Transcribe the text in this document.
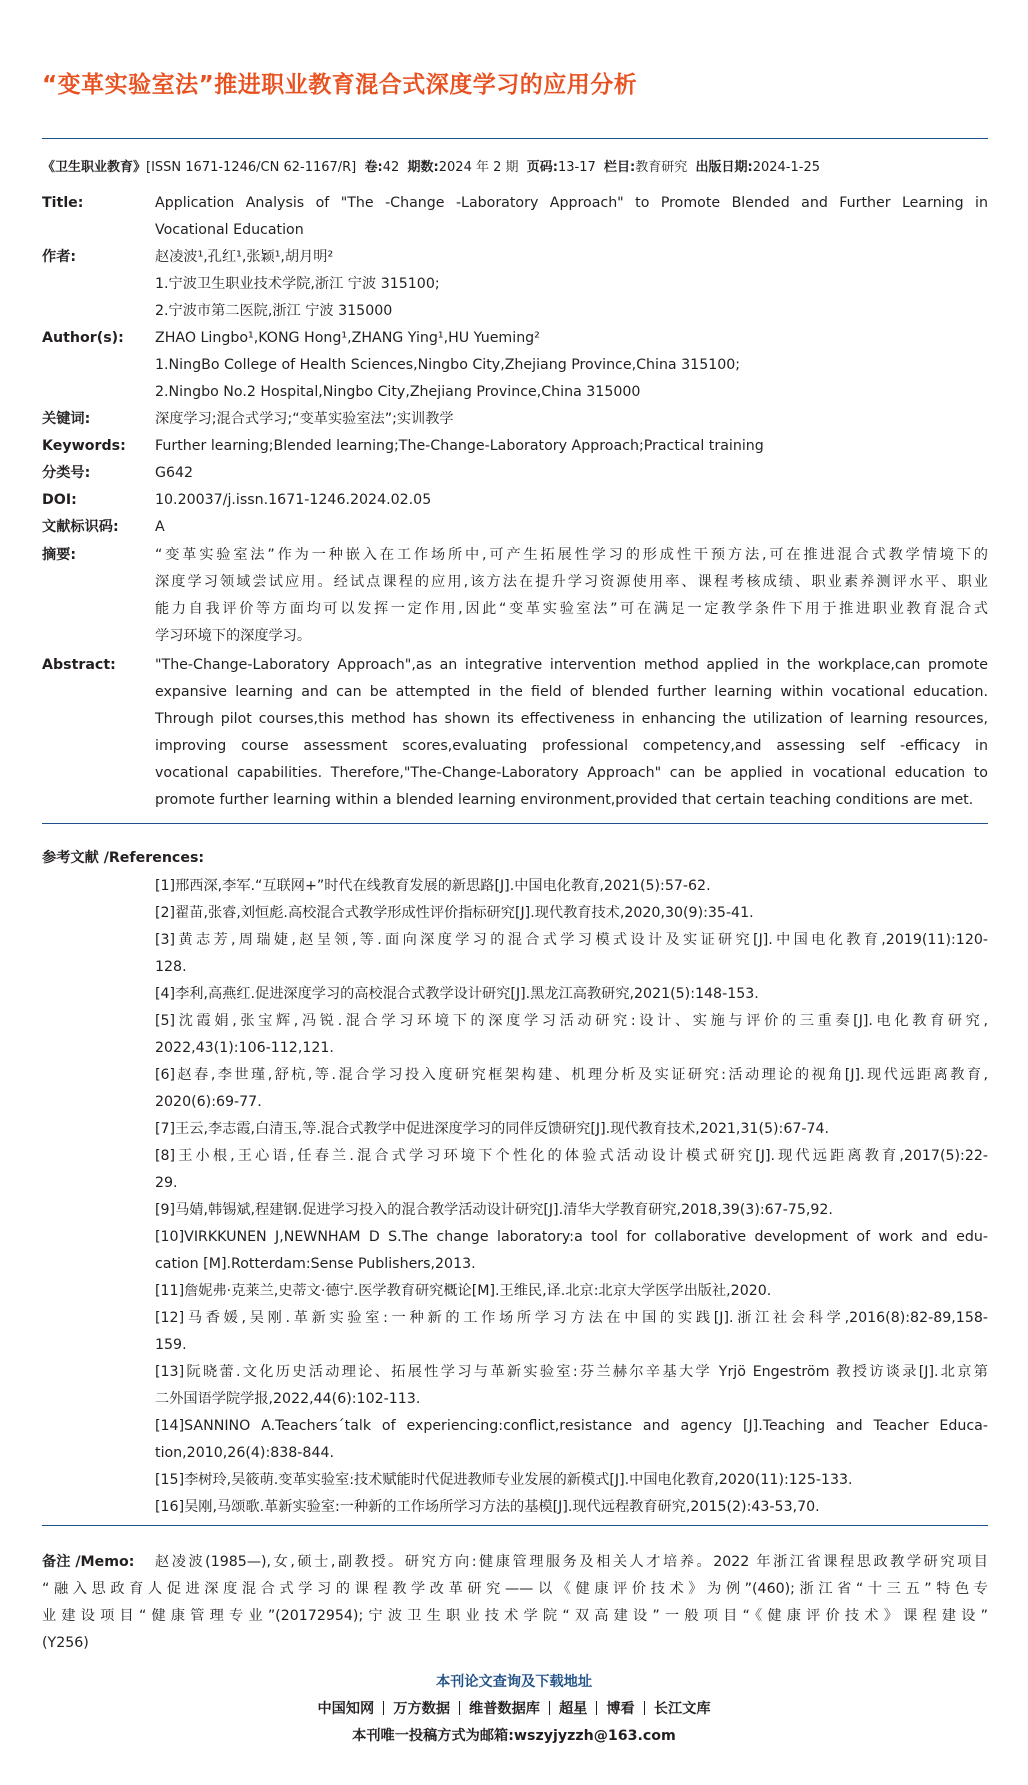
“变革实验室法”推进职业教育混合式深度学习的应用分析
《卫生职业教育》[ISSN 1671-1246/CN 62-1167/R] 卷:42 期数:2024 年 2 期 页码:13-17 栏目:教育研究 出版日期:2024-1-25
Title:	Application Analysis of "The -Change -Laboratory Approach" to Promote Blended and Further Learning in
Vocational Education
作者:	赵凌波¹,孔红¹,张颖¹,胡月明²
1.宁波卫生职业技术学院,浙江 宁波 315100;
2.宁波市第二医院,浙江 宁波 315000
Author(s):	ZHAO Lingbo¹,KONG Hong¹,ZHANG Ying¹,HU Yueming²
1.NingBo College of Health Sciences,Ningbo City,Zhejiang Province,China 315100;
2.Ningbo No.2 Hospital,Ningbo City,Zhejiang Province,China 315000
关键词:	深度学习;混合式学习;“变革实验室法”;实训教学
Keywords:	Further learning;Blended learning;The-Change-Laboratory Approach;Practical training
分类号:	G642
DOI:	10.20037/j.issn.1671-1246.2024.02.05
文献标识码:	A
摘要:	“变革实验室法”作为一种嵌入在工作场所中,可产生拓展性学习的形成性干预方法,可在推进混合式教学情境下的
深度学习领域尝试应用。经试点课程的应用,该方法在提升学习资源使用率、课程考核成绩、职业素养测评水平、职业
能力自我评价等方面均可以发挥一定作用,因此“变革实验室法”可在满足一定教学条件下用于推进职业教育混合式
学习环境下的深度学习。
Abstract:	"The-Change-Laboratory Approach",as an integrative intervention method applied in the workplace,can promote
expansive learning and can be attempted in the field of blended further learning within vocational education.
Through pilot courses,this method has shown its effectiveness in enhancing the utilization of learning resources,
improving course assessment scores,evaluating professional competency,and assessing self -efficacy in
vocational capabilities. Therefore,"The-Change-Laboratory Approach" can be applied in vocational education to
promote further learning within a blended learning environment,provided that certain teaching conditions are met.
参考文献 /References:
[1]邢西深,李军.“互联网+”时代在线教育发展的新思路[J].中国电化教育,2021(5):57-62.
[2]翟苗,张睿,刘恒彪.高校混合式教学形成性评价指标研究[J].现代教育技术,2020,30(9):35-41.
[3]黄志芳,周瑞婕,赵呈领,等.面向深度学习的混合式学习模式设计及实证研究[J].中国电化教育,2019(11):120-
128.
[4]李利,高燕红.促进深度学习的高校混合式教学设计研究[J].黑龙江高教研究,2021(5):148-153.
[5]沈霞娟,张宝辉,冯锐.混合学习环境下的深度学习活动研究:设计、实施与评价的三重奏[J].电化教育研究,
2022,43(1):106-112,121.
[6]赵春,李世瑾,舒杭,等.混合学习投入度研究框架构建、机理分析及实证研究:活动理论的视角[J].现代远距离教育,
2020(6):69-77.
[7]王云,李志霞,白清玉,等.混合式教学中促进深度学习的同伴反馈研究[J].现代教育技术,2021,31(5):67-74.
[8]王小根,王心语,任春兰.混合式学习环境下个性化的体验式活动设计模式研究[J].现代远距离教育,2017(5):22-
29.
[9]马婧,韩锡斌,程建钢.促进学习投入的混合教学活动设计研究[J].清华大学教育研究,2018,39(3):67-75,92.
[10]VIRKKUNEN J,NEWNHAM D S.The change laboratory:a tool for collaborative development of work and edu-
cation [M].Rotterdam:Sense Publishers,2013.
[11]詹妮弗·克莱兰,史蒂文·德宁.医学教育研究概论[M].王维民,译.北京:北京大学医学出版社,2020.
[12]马香媛,吴刚.革新实验室:一种新的工作场所学习方法在中国的实践[J].浙江社会科学,2016(8):82-89,158-
159.
[13]阮晓蕾.文化历史活动理论、拓展性学习与革新实验室:芬兰赫尔辛基大学 Yrjö Engeström 教授访谈录[J].北京第
二外国语学院学报,2022,44(6):102-113.
[14]SANNINO A.Teachers´talk of experiencing:conflict,resistance and agency [J].Teaching and Teacher Educa-
tion,2010,26(4):838-844.
[15]李树玲,吴筱萌.变革实验室:技术赋能时代促进教师专业发展的新模式[J].中国电化教育,2020(11):125-133.
[16]吴刚,马颂歌.革新实验室:一种新的工作场所学习方法的基模[J].现代远程教育研究,2015(2):43-53,70.
备注 /Memo: 赵凌波(1985—),女,硕士,副教授。研究方向:健康管理服务及相关人才培养。2022 年浙江省课程思政教学研究项目
“融入思政育人促进深度混合式学习的课程教学改革研究——以《健康评价技术》为例”(460);浙江省“十三五”特色专
业建设项目“健康管理专业”(20172954);宁波卫生职业技术学院“双高建设”一般项目“《健康评价技术》课程建设”
(Y256)
本刊论文查询及下载地址
中国知网 万方数据 维普数据库 超星 博看 长江文库
本刊唯一投稿方式为邮箱:wszyjyzzh@163.com
